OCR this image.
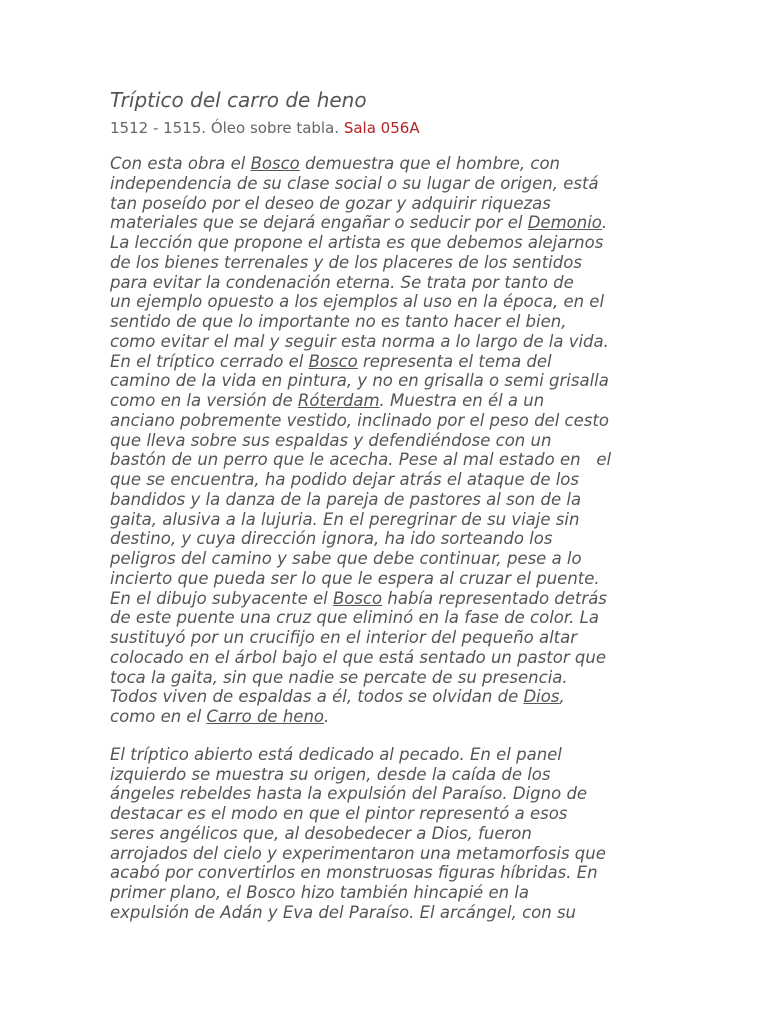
Tríptico del carro de heno

1512 - 1515. Óleo sobre tabla. Sala 056A

Con esta obra el Bosco demuestra que el hombre, con
independencia de su clase social o su lugar de origen, está
tan poseído por el deseo de gozar y adquirir riquezas
materiales que se dejará engañar o seducir por el Demonio.
La lección que propone el artista es que debemos alejarnos
de los bienes terrenales y de los placeres de los sentidos
para evitar la condenación eterna. Se trata por tanto de
un ejemplo opuesto a los ejemplos al uso en la época, en el
sentido de que lo importante no es tanto hacer el bien,
como evitar el mal y seguir esta norma a lo largo de la vida.
En el tríptico cerrado el Bosco representa el tema del
camino de la vida en pintura, y no en grisalla o semi grisalla
como en la versión de Róterdam. Muestra en él a un
anciano pobremente vestido, inclinado por el peso del cesto
que lleva sobre sus espaldas y defendiéndose con un
bastón de un perro que le acecha. Pese al mal estado en   el
que se encuentra, ha podido dejar atrás el ataque de los
bandidos y la danza de la pareja de pastores al son de la
gaita, alusiva a la lujuria. En el peregrinar de su viaje sin
destino, y cuya dirección ignora, ha ido sorteando los
peligros del camino y sabe que debe continuar, pese a lo
incierto que pueda ser lo que le espera al cruzar el puente.
En el dibujo subyacente el Bosco había representado detrás
de este puente una cruz que eliminó en la fase de color. La
sustituyó por un crucifijo en el interior del pequeño altar
colocado en el árbol bajo el que está sentado un pastor que
toca la gaita, sin que nadie se percate de su presencia.
Todos viven de espaldas a él, todos se olvidan de Dios,
como en el Carro de heno.

El tríptico abierto está dedicado al pecado. En el panel
izquierdo se muestra su origen, desde la caída de los
ángeles rebeldes hasta la expulsión del Paraíso. Digno de
destacar es el modo en que el pintor representó a esos
seres angélicos que, al desobedecer a Dios, fueron
arrojados del cielo y experimentaron una metamorfosis que
acabó por convertirlos en monstruosas figuras híbridas. En
primer plano, el Bosco hizo también hincapié en la
expulsión de Adán y Eva del Paraíso. El arcángel, con su
